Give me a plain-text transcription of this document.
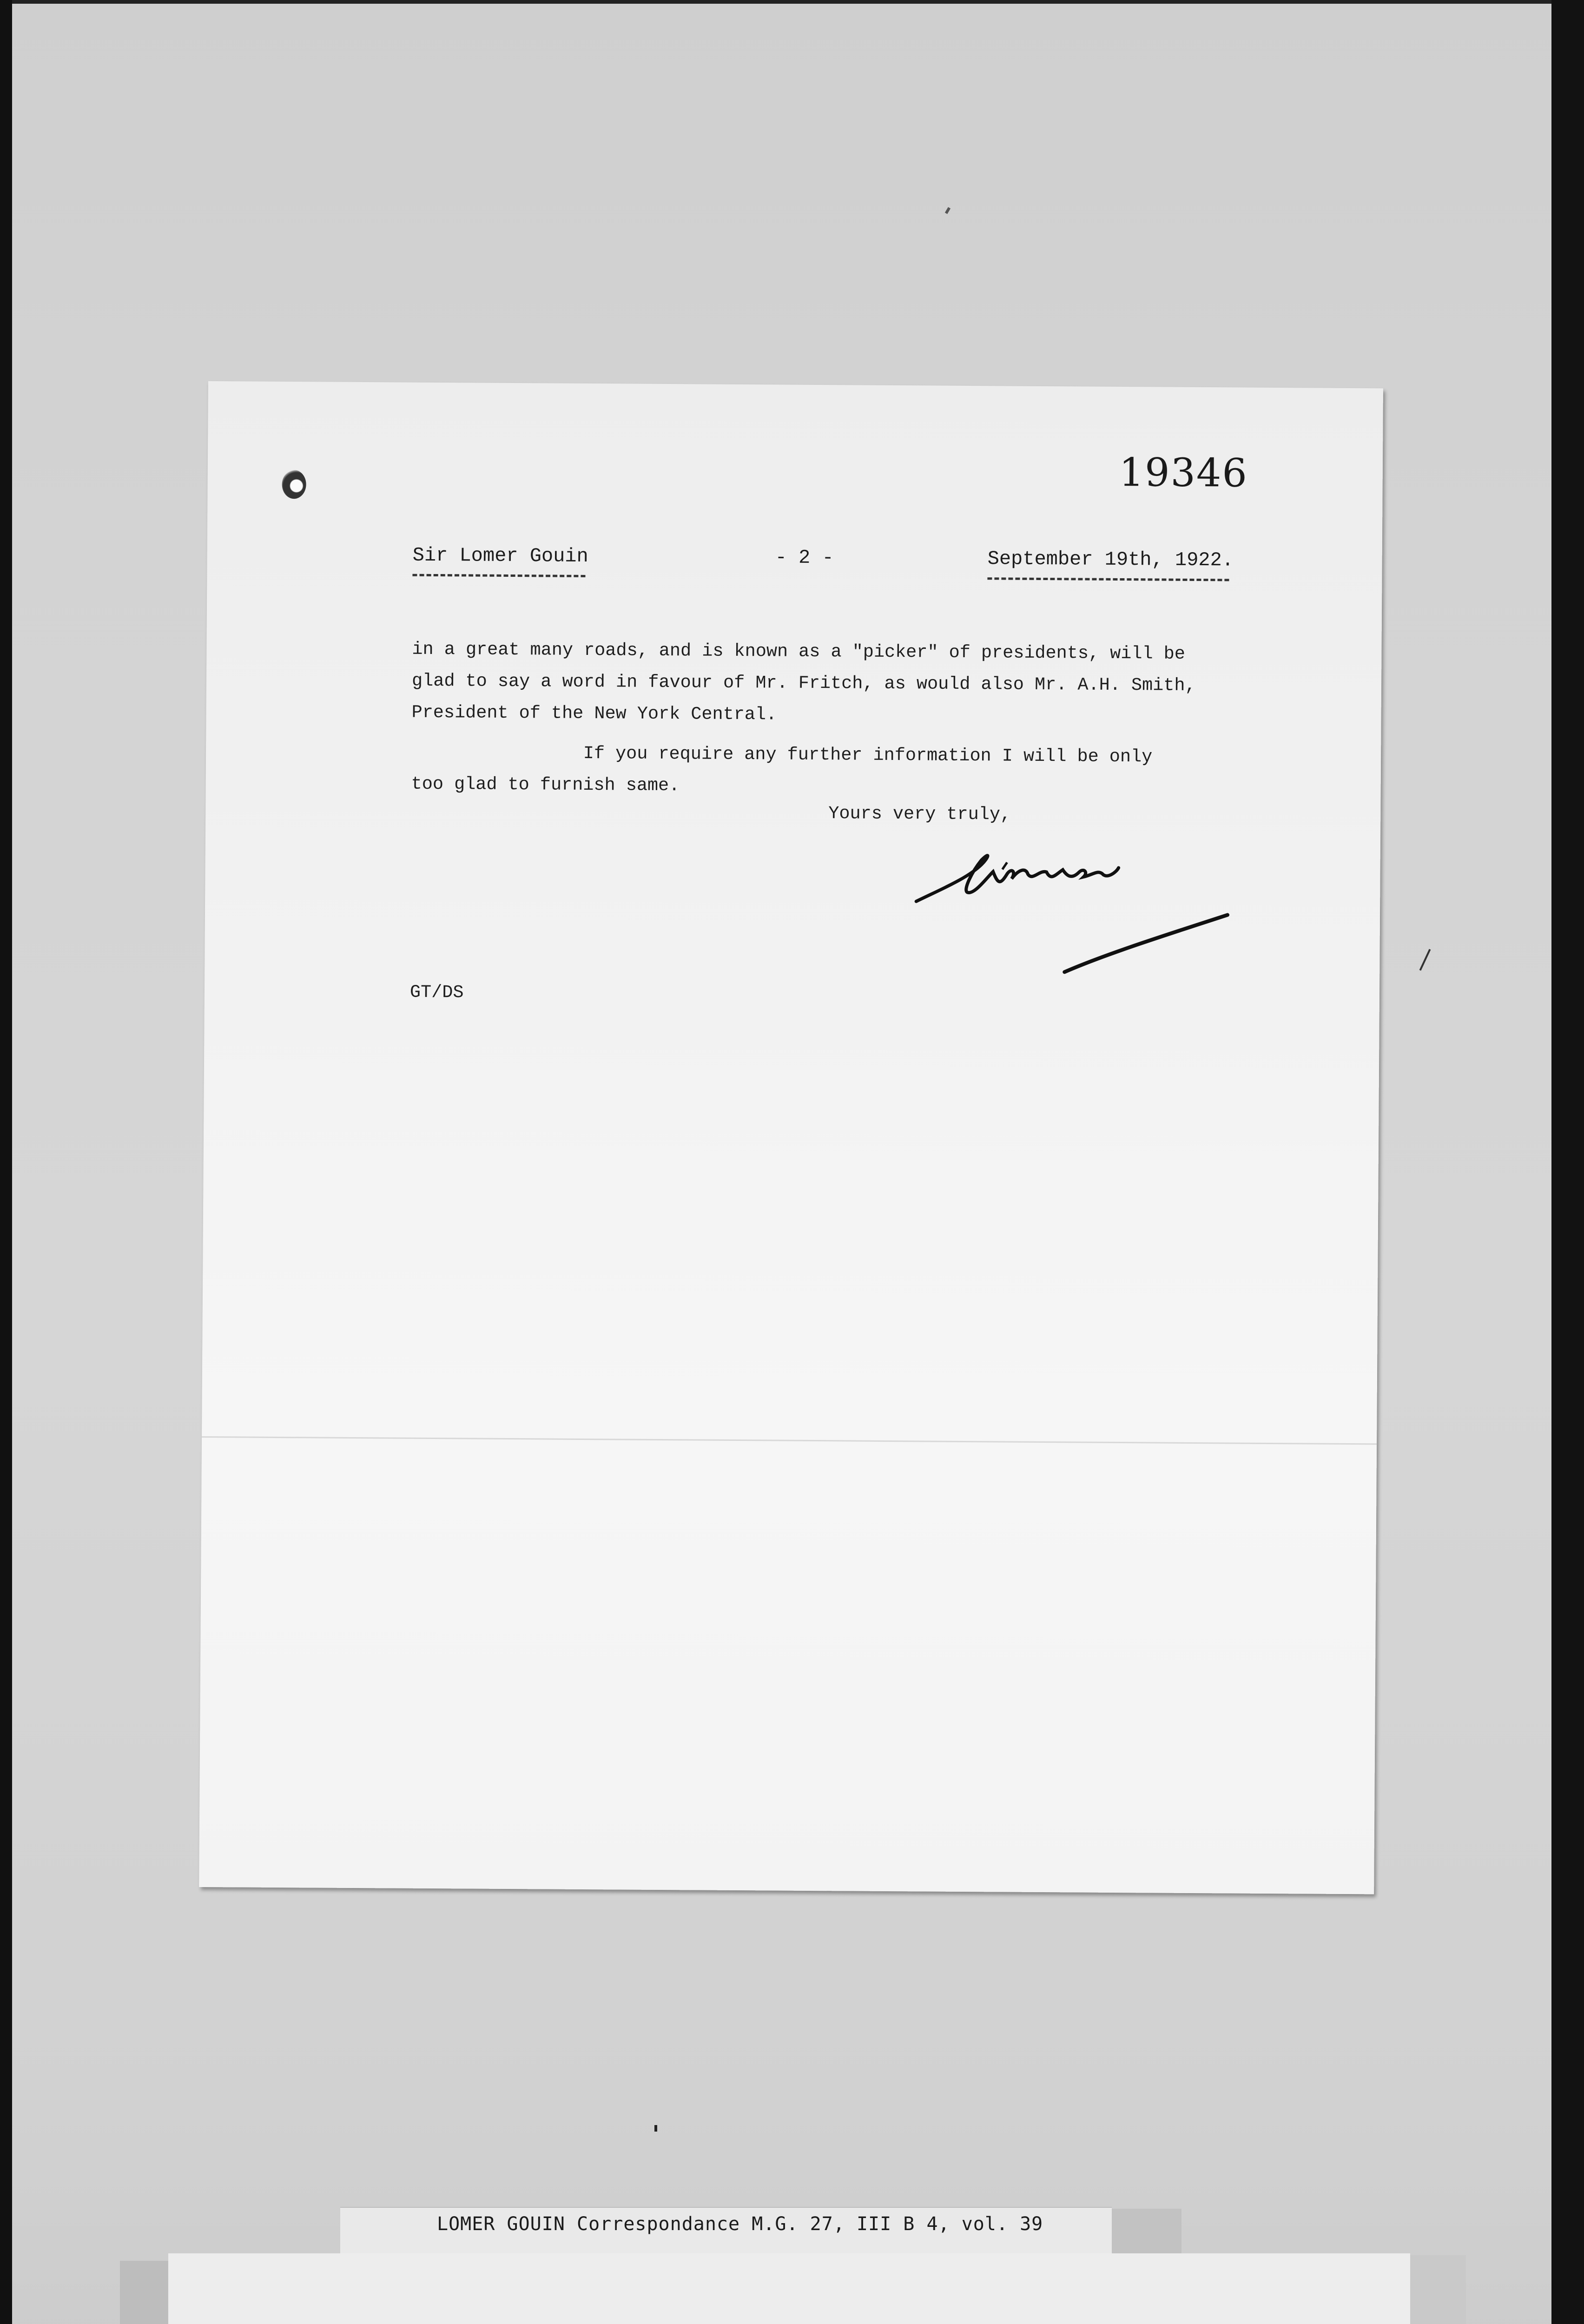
19346
Sir Lomer Gouin	- 2 -	September 19th, 1922.
in a great many roads, and is known as a "picker" of presidents, will be
glad to say a word in favour of Mr. Fritch, as would also Mr. A.H. Smith,
President of the New York Central.
If you require any further information I will be only
too glad to furnish same.
Yours very truly,
GT/DS
LOMER GOUIN Correspondance M.G. 27, III B 4, vol. 39
